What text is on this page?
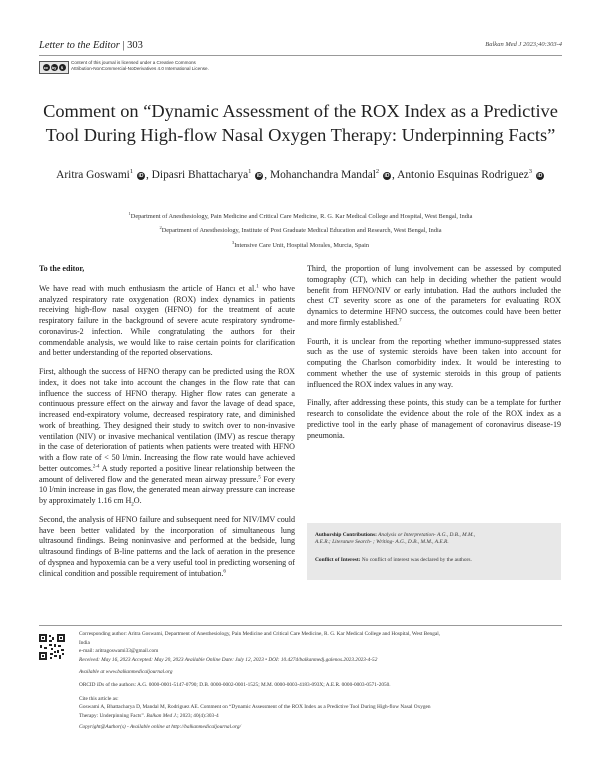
Letter to the Editor | 303	Balkan Med J 2023;40:303-4
cc by	$
Content of this journal is licensed under a Creative Commons
Attribution-NonCommercial-NoDerivatives 4.0 International License.
Comment on “Dynamic Assessment of the ROX Index as a Predictive
Tool During High-flow Nasal Oxygen Therapy: Underpinning Facts”
Aritra Goswami$^1$ iD , Dipasri Bhattacharya$^1$ iD , Mohanchandra Mandal$^2$ iD , Antonio Esquinas Rodriguez$^3$ iD
$^1$Department of Anesthesiology, Pain Medicine and Critical Care Medicine, R. G. Kar Medical College and Hospital, West Bengal, India
$^2$Department of Anesthesiology, Institute of Post Graduate Medical Education and Research, West Bengal, India
$^3$Intensive Care Unit, Hospital Morales, Murcia, Spain

To the editor,

We have read with much enthusiasm the article of Hancı et al.$^1$ who have analyzed respiratory rate oxygenation (ROX) index dynamics in patients receiving high-flow nasal oxygen (HFNO) for the treatment of acute respiratory failure in the background of severe acute respiratory syndrome-coronavirus-2 infection. While congratulating the authors for their commendable analysis, we would like to raise certain points for clarification and better understanding of the reported observations.

First, although the success of HFNO therapy can be predicted using the ROX index, it does not take into account the changes in the flow rate that can influence the success of HFNO therapy. Higher flow rates can generate a continuous pressure effect on the airway and favor the lavage of dead space, increased end-expiratory volume, decreased respiratory rate, and diminished work of breathing. They designed their study to switch over to non-invasive ventilation (NIV) or invasive mechanical ventilation (IMV) as rescue therapy in the case of deterioration of patients when patients were treated with HFNO with a flow rate of < 50 l/min. Increasing the flow rate would have achieved better outcomes.$^{2-4}$ A study reported a positive linear relationship between the amount of delivered flow and the generated mean airway pressure.$^5$ For every 10 l/min increase in gas flow, the generated mean airway pressure can increase by approximately 1.16 cm $H_2O$.

Second, the analysis of HFNO failure and subsequent need for NIV/IMV could have been better validated by the incorporation of simultaneous lung ultrasound findings. Being noninvasive and performed at the bedside, lung ultrasound findings of B-line patterns and the lack of aeration in the presence of dyspnea and hypoxemia can be a very useful tool in predicting worsening of clinical condition and possible requirement of intubation.$^6$

Third, the proportion of lung involvement can be assessed by computed tomography (CT), which can help in deciding whether the patient would benefit from HFNO/NIV or early intubation. Had the authors included the chest CT severity score as one of the parameters for evaluating ROX dynamics to determine HFNO success, the outcomes could have been better and more firmly established.$^7$

Fourth, it is unclear from the reporting whether immuno-suppressed states such as the use of systemic steroids have been taken into account for computing the Charlson comorbidity index. It would be interesting to comment whether the use of systemic steroids in this group of patients influenced the ROX index values in any way.

Finally, after addressing these points, this study can be a template for further research to consolidate the evidence about the role of the ROX index as a predictive tool in the early phase of management of coronavirus disease-19 pneumonia.

Authorship Contributions: Analysis or Interpretation- A.G., D.B., M.M.,
A.E.R.; Literature Search- ; Writing- A.G., D.B., M.M., A.E.R.
Conflict of Interest: No conflict of interest was declared by the authors.
Corresponding author: Aritra Goswami, Department of Anesthesiology, Pain Medicine and Critical Care Medicine, R. G. Kar Medical College and Hospital, West Bengal,
India
e-mail: aritragoswami33@gmail.com
Received: May 16, 2023 Accepted: May 20, 2023 Available Online Date: July 12, 2023 • DOI: 10.4274/balkanmedj.galenos.2023.2023-4-52
Available at www.balkanmedicaljournal.org
ORCID iDs of the authors: A.G. 0000-0001-5147-0790; D.B. 0000-0002-0001-1525; M.M. 0000-0003-4183-093X; A.E.R. 0000-0003-0571-2050.
Cite this article as:
Goswami A, Bhattacharya D, Mandal M, Rodriguez AE. Comment on “Dynamic Assessment of the ROX Index as a Predictive Tool During High-flow Nasal Oxygen
Therapy: Underpinning Facts”. Balkan Med J.; 2023; 40(4):303-4
Copyright@Author(s) - Available online at http://balkanmedicaljournal.org/
